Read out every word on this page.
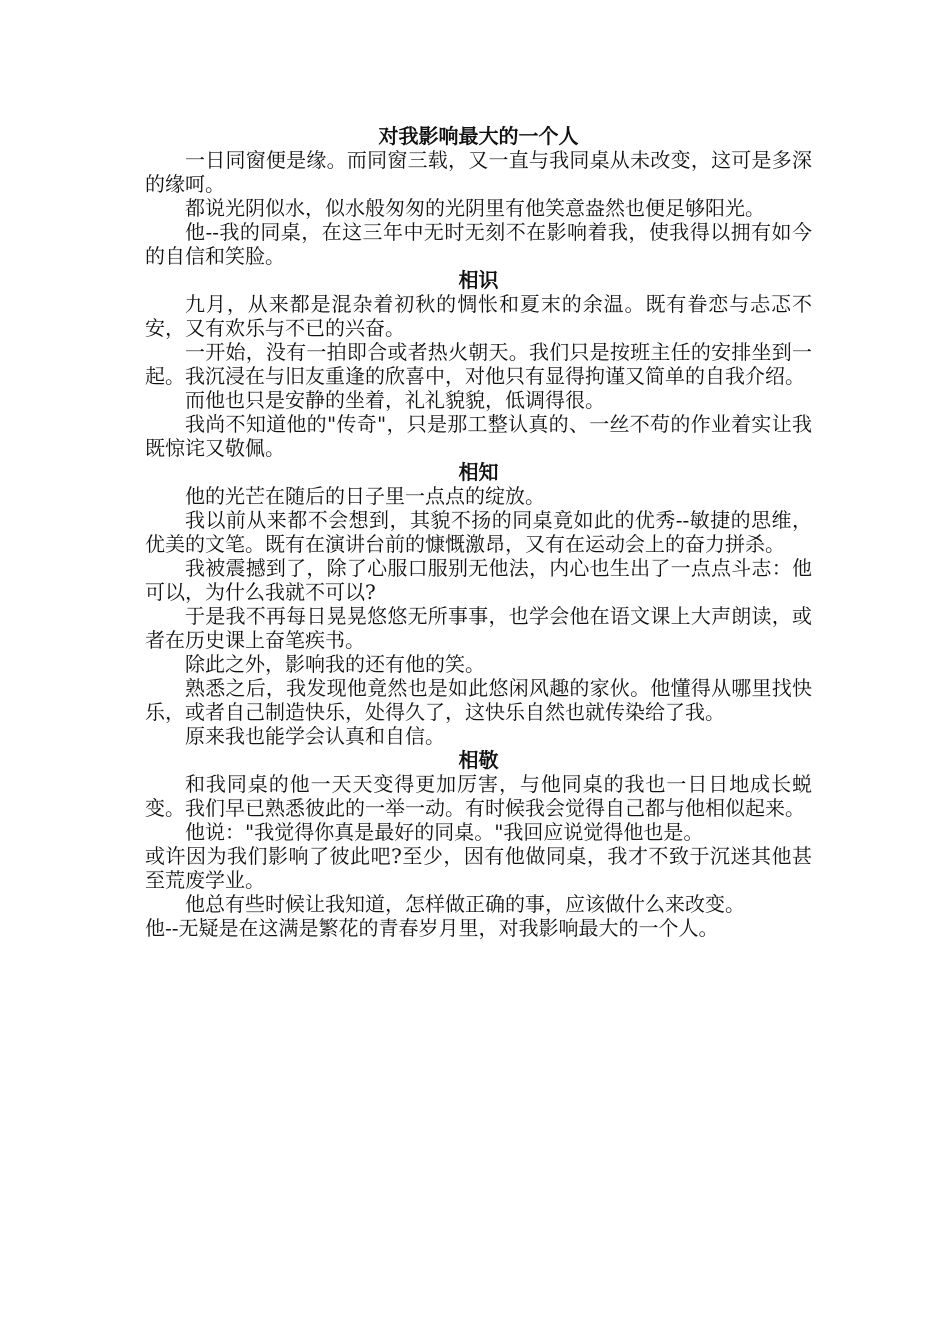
对我影响最大的一个人

一日同窗便是缘。而同窗三载，又一直与我同桌从未改变，这可是多深的缘呵。

都说光阴似水，似水般匆匆的光阴里有他笑意盎然也便足够阳光。

他--我的同桌，在这三年中无时无刻不在影响着我，使我得以拥有如今的自信和笑脸。

相识

九月，从来都是混杂着初秋的惆怅和夏末的余温。既有眷恋与忐忑不安，又有欢乐与不已的兴奋。

一开始，没有一拍即合或者热火朝天。我们只是按班主任的安排坐到一起。我沉浸在与旧友重逢的欣喜中，对他只有显得拘谨又简单的自我介绍。

而他也只是安静的坐着，礼礼貌貌，低调得很。

我尚不知道他的"传奇"，只是那工整认真的、一丝不苟的作业着实让我既惊诧又敬佩。

相知

他的光芒在随后的日子里一点点的绽放。

我以前从来都不会想到，其貌不扬的同桌竟如此的优秀--敏捷的思维，优美的文笔。既有在演讲台前的慷慨激昂，又有在运动会上的奋力拼杀。

我被震撼到了，除了心服口服别无他法，内心也生出了一点点斗志：他可以，为什么我就不可以?

于是我不再每日晃晃悠悠无所事事，也学会他在语文课上大声朗读，或者在历史课上奋笔疾书。

除此之外，影响我的还有他的笑。

熟悉之后，我发现他竟然也是如此悠闲风趣的家伙。他懂得从哪里找快乐，或者自己制造快乐，处得久了，这快乐自然也就传染给了我。

原来我也能学会认真和自信。

相敬

和我同桌的他一天天变得更加厉害，与他同桌的我也一日日地成长蜕变。我们早已熟悉彼此的一举一动。有时候我会觉得自己都与他相似起来。

他说："我觉得你真是最好的同桌。"我回应说觉得他也是。

或许因为我们影响了彼此吧?至少，因有他做同桌，我才不致于沉迷其他甚至荒废学业。

他总有些时候让我知道，怎样做正确的事，应该做什么来改变。

他--无疑是在这满是繁花的青春岁月里，对我影响最大的一个人。
